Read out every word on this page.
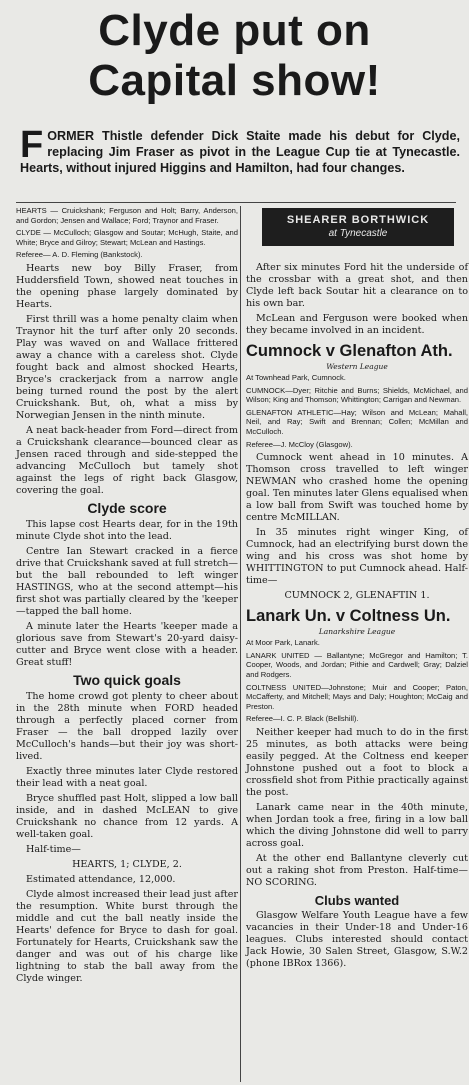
Clyde put on
Capital show!

FORMER Thistle defender Dick Staite made his debut for Clyde, replacing Jim Fraser as pivot in the League Cup tie at Tynecastle. Hearts, without injured Higgins and Hamilton, had four changes.

SHEARER BORTHWICK
at Tynecastle

HEARTS — Cruickshank; Ferguson and Holt; Barry, Anderson, and Gordon; Jensen and Wallace; Ford; Traynor and Fraser.

CLYDE — McCulloch; Glasgow and Soutar; McHugh, Staite, and White; Bryce and Gilroy; Stewart; McLean and Hastings.

Referee— A. D. Fleming (Bankstock).

Hearts new boy Billy Fraser, from Huddersfield Town, showed neat touches in the opening phase largely dominated by Hearts.

First thrill was a home penalty claim when Traynor hit the turf after only 20 seconds. Play was waved on and Wallace frittered away a chance with a careless shot. Clyde fought back and almost shocked Hearts, Bryce's crackerjack from a narrow angle being turned round the post by the alert Cruickshank. But, oh, what a miss by Norwegian Jensen in the ninth minute.

A neat back-header from Ford—direct from a Cruickshank clearance—bounced clear as Jensen raced through and side-stepped the advancing McCulloch but tamely shot against the legs of right back Glasgow, covering the goal.

Clyde score

This lapse cost Hearts dear, for in the 19th minute Clyde shot into the lead.

Centre Ian Stewart cracked in a fierce drive that Cruickshank saved at full stretch—but the ball rebounded to left winger HASTINGS, who at the second attempt—his first shot was partially cleared by the 'keeper—tapped the ball home.

A minute later the Hearts 'keeper made a glorious save from Stewart's 20-yard daisy-cutter and Bryce went close with a header. Great stuff!

Two quick goals

The home crowd got plenty to cheer about in the 28th minute when FORD headed through a perfectly placed corner from Fraser — the ball dropped lazily over McCulloch's hands—but their joy was short-lived.

Exactly three minutes later Clyde restored their lead with a neat goal.

Bryce shuffled past Holt, slipped a low ball inside, and in dashed McLEAN to give Cruickshank no chance from 12 yards. A well-taken goal.

Half-time—

HEARTS, 1; CLYDE, 2.

Estimated attendance, 12,000.

Clyde almost increased their lead just after the resumption. White burst through the middle and cut the ball neatly inside the Hearts' defence for Bryce to dash for goal. Fortunately for Hearts, Cruickshank saw the danger and was out of his charge like lightning to stab the ball away from the Clyde winger.

After six minutes Ford hit the underside of the crossbar with a great shot, and then Clyde left back Soutar hit a clearance on to his own bar.

McLean and Ferguson were booked when they became involved in an incident.

Cumnock v Glenafton Ath.
Western League

At Townhead Park, Cumnock.

CUMNOCK—Dyer; Ritchie and Burns; Shields, McMichael, and Wilson; King and Thomson; Whittington; Carrigan and Newman.

GLENAFTON ATHLETIC—Hay; Wilson and McLean; Mahall, Neil, and Ray; Swift and Brennan; Collen; McMillan and McCulloch.

Referee—J. McCloy (Glasgow).

Cumnock went ahead in 10 minutes. A Thomson cross travelled to left winger NEWMAN who crashed home the opening goal. Ten minutes later Glens equalised when a low ball from Swift was touched home by centre McMILLAN.

In 35 minutes right winger King, of Cumnock, had an electrifying burst down the wing and his cross was shot home by WHITTINGTON to put Cumnock ahead. Half-time—

CUMNOCK 2, GLENAFTIN 1.

Lanark Un. v Coltness Un.
Lanarkshire League

At Moor Park, Lanark.

LANARK UNITED — Ballantyne; McGregor and Hamilton; T. Cooper, Woods, and Jordan; Pithie and Cardwell; Gray; Dalziel and Rodgers.

COLTNESS UNITED—Johnstone; Muir and Cooper; Paton, McCafferty, and Mitchell; Mays and Daly; Houghton; McCaig and Preston.

Referee—I. C. P. Black (Bellshill).

Neither keeper had much to do in the first 25 minutes, as both attacks were being easily pegged. At the Coltness end keeper Johnstone pushed out a foot to block a crossfield shot from Pithie practically against the post.

Lanark came near in the 40th minute, when Jordan took a free, firing in a low ball which the diving Johnstone did well to parry across goal.

At the other end Ballantyne cleverly cut out a raking shot from Preston. Half-time—NO SCORING.

Clubs wanted

Glasgow Welfare Youth League have a few vacancies in their Under-18 and Under-16 leagues. Clubs interested should contact Jack Howie, 30 Salen Street, Glasgow, S.W.2 (phone IBRox 1366).
